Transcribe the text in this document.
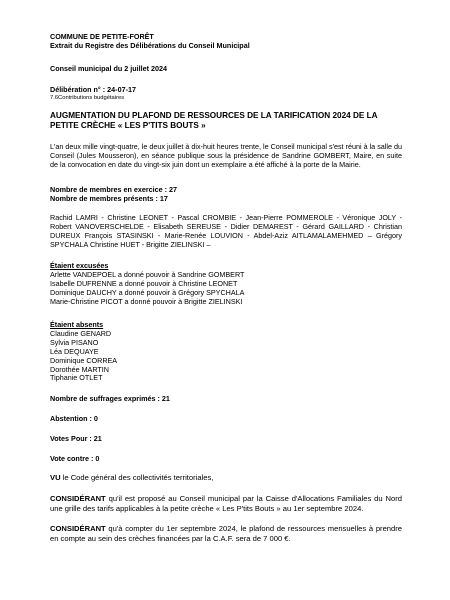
COMMUNE DE PETITE-FORÊT
Extrait du Registre des Délibérations du Conseil Municipal
Conseil municipal du 2 juillet 2024
Délibération n° : 24-07-17
7.6Contributions budgétaires
AUGMENTATION DU PLAFOND DE RESSOURCES DE LA TARIFICATION 2024 DE LA PETITE CRÈCHE « LES P'TITS BOUTS »
L'an deux mille vingt-quatre, le deux juillet à dix-huit heures trente, le Conseil municipal s'est réuni à la salle du Conseil (Jules Mousseron), en séance publique sous la présidence de Sandrine GOMBERT, Maire, en suite de la convocation en date du vingt-six juin dont un exemplaire a été affiché à la porte de la Mairie.
Nombre de membres en exercice : 27
Nombre de membres présents : 17
Rachid LAMRI - Christine LEONET - Pascal CROMBIE - Jean-Pierre POMMEROLE - Véronique JOLY - Robert VANOVERSCHELDE - Elisabeth SEREUSE - Didier DEMAREST - Gérard GAILLARD - Christian DUREUX François STASINSKI - Marie-Renée LOUVION - Abdel-Aziz AITLAMALAMEHMED – Grégory SPYCHALA Christine HUET - Brigitte ZIELINSKI –
Étaient excusées
Arlette VANDEPOEL a donné pouvoir à Sandrine GOMBERT
Isabelle DUFRENNE a donné pouvoir à Christine LEONET
Dominique DAUCHY a donné pouvoir à Grégory SPYCHALA
Marie-Christine PICOT a donné pouvoir à Brigitte ZIELINSKI
Étaient absents
Claudine GENARD
Sylvia PISANO
Léa DEQUAYE
Dominique CORREA
Dorothée MARTIN
Tiphanie OTLET
Nombre de suffrages exprimés : 21
Abstention : 0
Votes Pour : 21
Vote contre : 0
VU le Code général des collectivités territoriales,
CONSIDÉRANT qu'il est proposé au Conseil municipal par la Caisse d'Allocations Familiales du Nord une grille des tarifs applicables à la petite crèche « Les P'tits Bouts » au 1er septembre 2024.
CONSIDÉRANT qu'à compter du 1er septembre 2024, le plafond de ressources mensuelles à prendre en compte au sein des crèches financées par la C.A.F. sera de 7 000 €.
